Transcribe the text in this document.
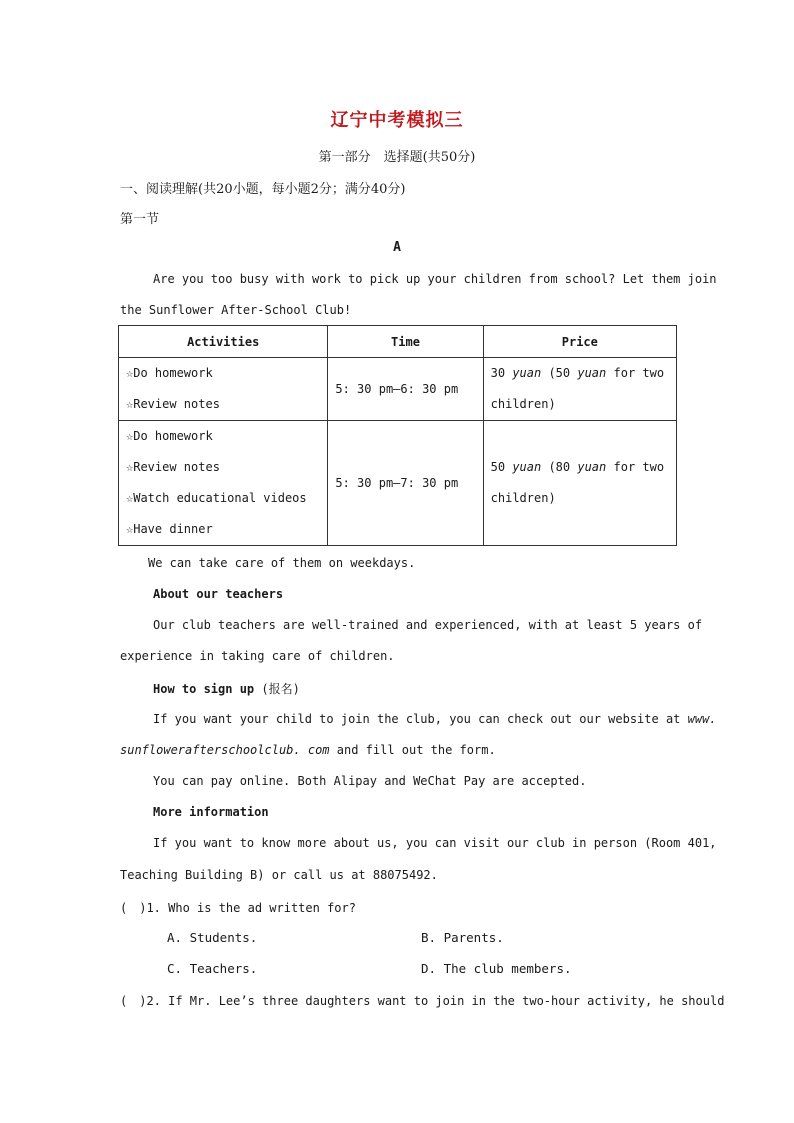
辽宁中考模拟三
第一部分　选择题(共50分)
一、阅读理解(共20小题，每小题2分；满分40分)
第一节
A
Are you too busy with work to pick up your children from school? Let them join
the Sunflower After-School Club!
Activities	Time	Price

☆Do homework
☆Review notes	5: 30 pm—6: 30 pm	30 yuan (50 yuan for two
children)

☆Do homework
☆Review notes
☆Watch educational videos
☆Have dinner	5: 30 pm—7: 30 pm	50 yuan (80 yuan for two
children)
We can take care of them on weekdays.
About our teachers
Our club teachers are well-trained and experienced, with at least 5 years of
experience in taking care of children.
How to sign up (报名)
If you want your child to join the club, you can check out our website at www.
sunflowerafterschoolclub. com and fill out the form.
You can pay online. Both Alipay and WeChat Pay are accepted.
More information
If you want to know more about us, you can visit our club in person (Room 401,
Teaching Building B) or call us at 88075492.
(　)1. Who is the ad written for?
A. Students.	B. Parents.
C. Teachers.	D. The club members.
(　)2. If Mr. Lee’s three daughters want to join in the two-hour activity, he should
